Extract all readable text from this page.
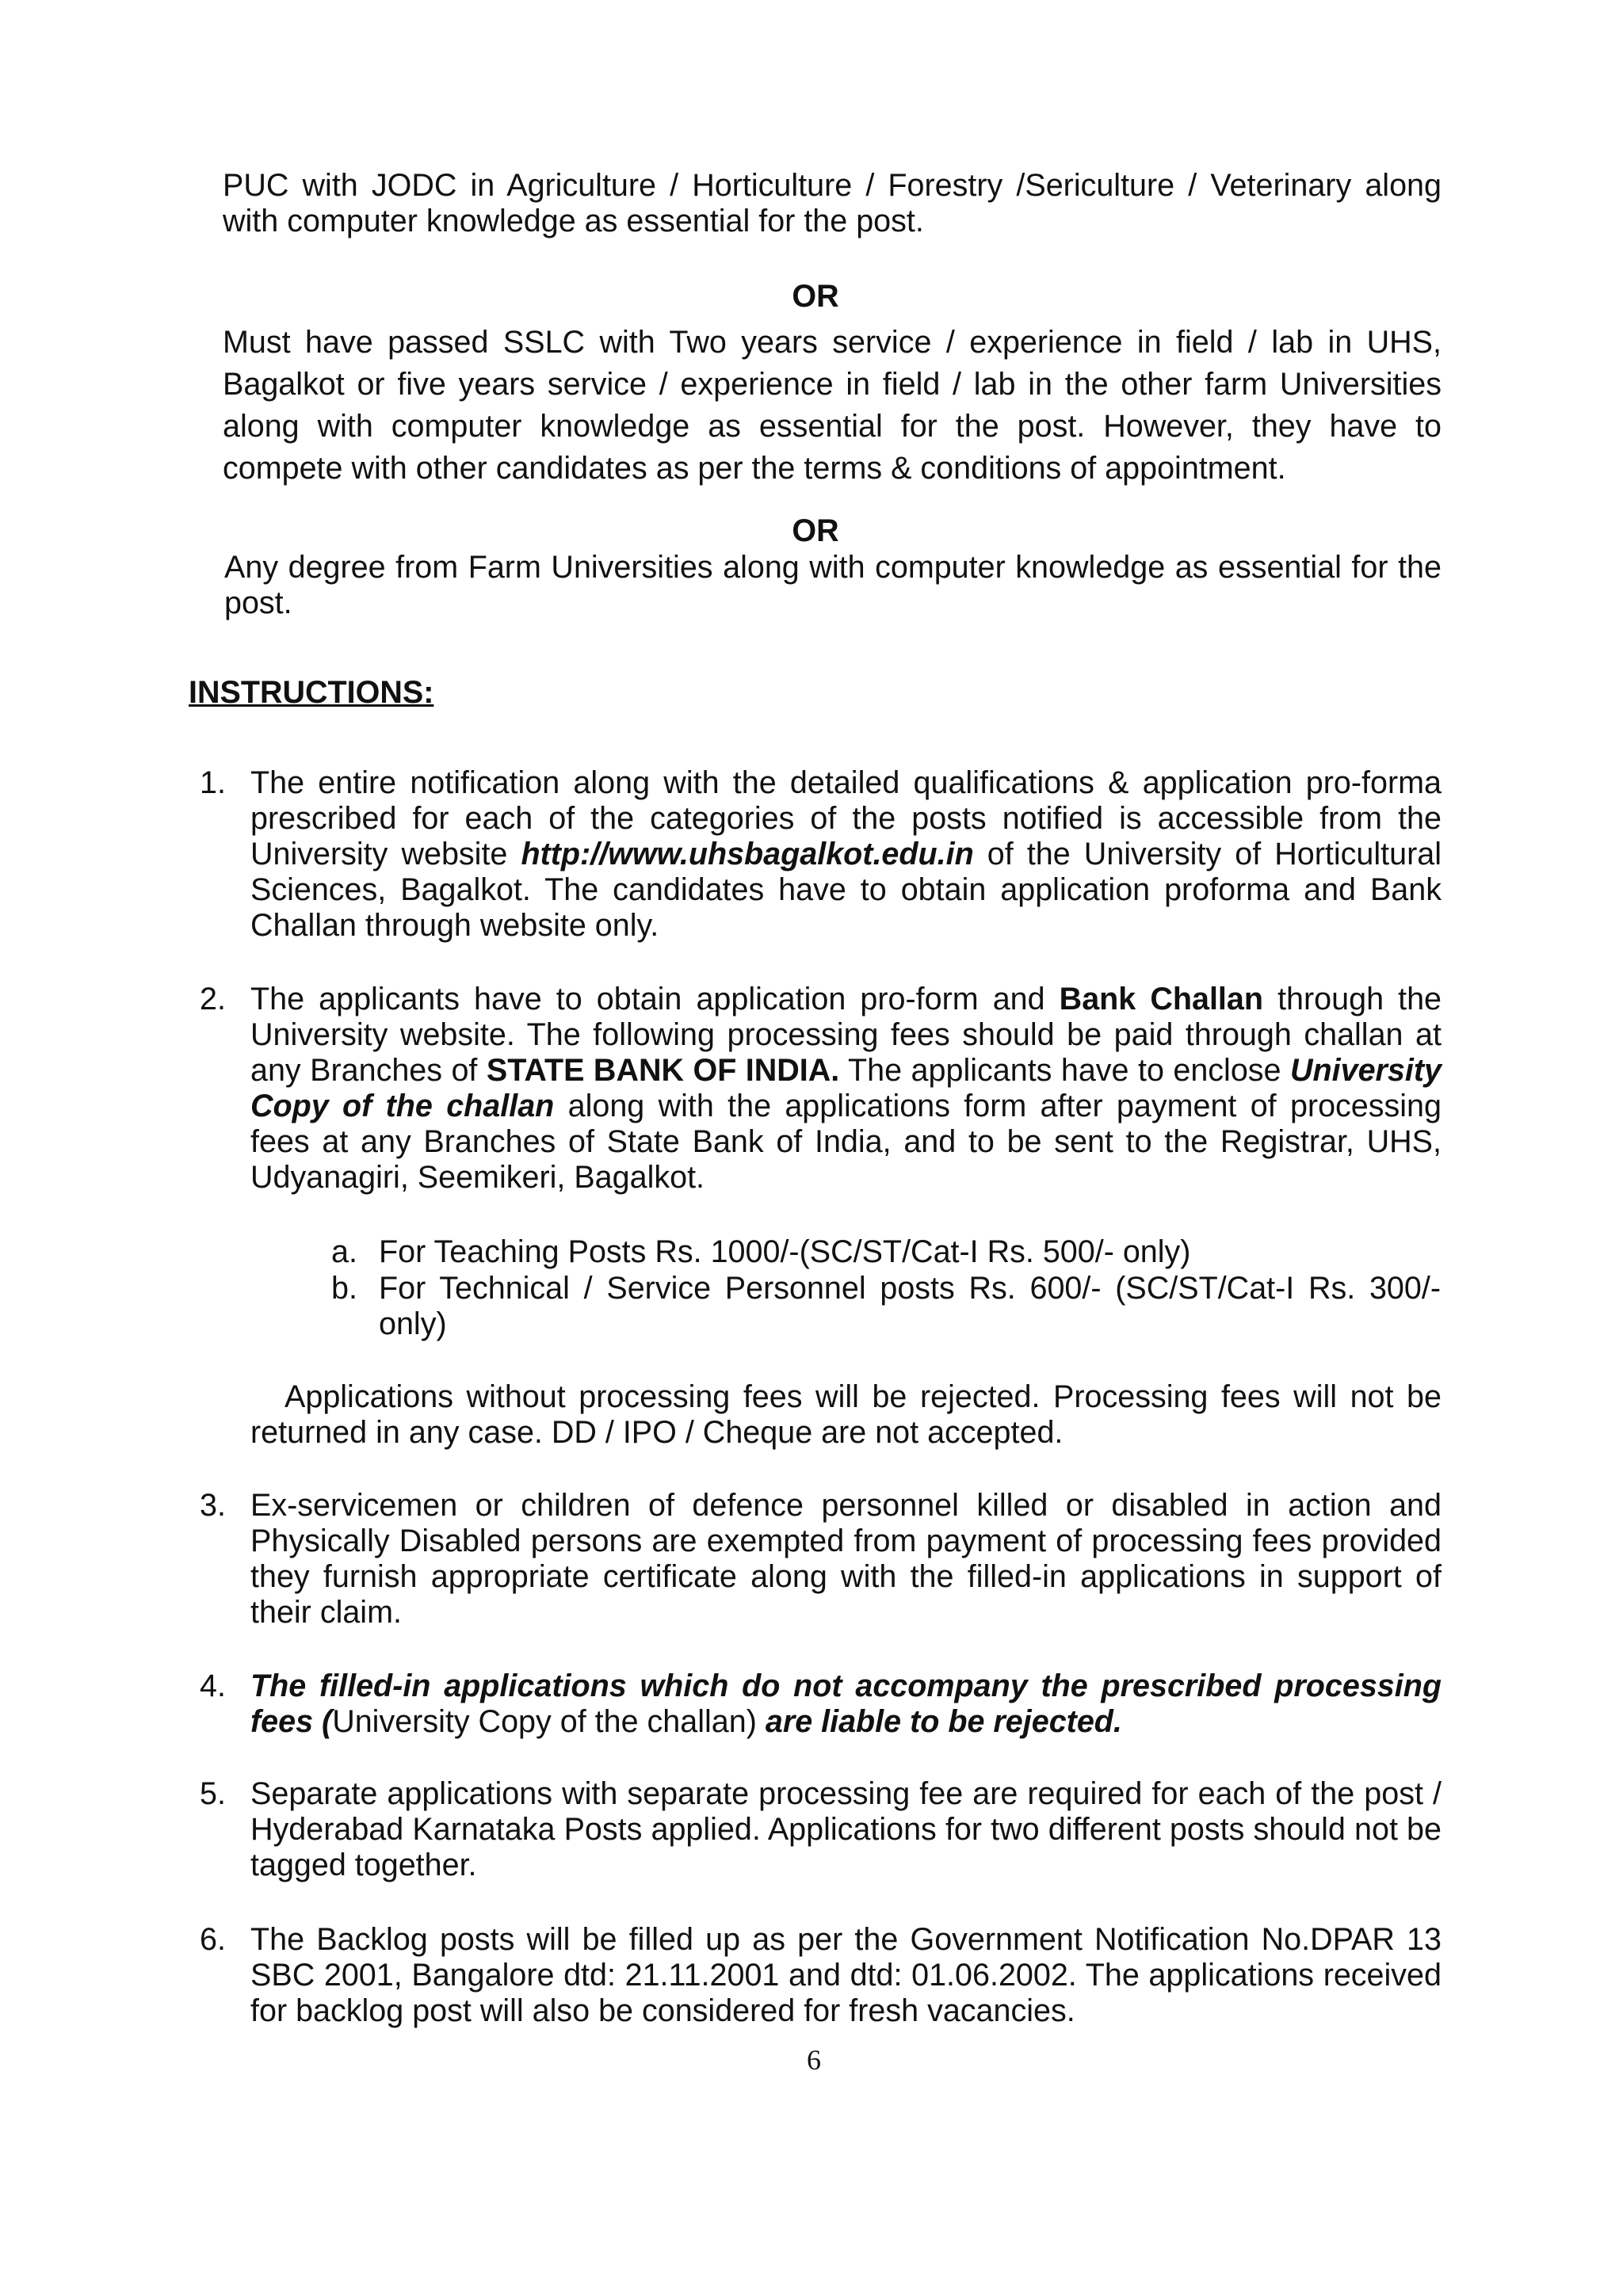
PUC with JODC in Agriculture / Horticulture / Forestry /Sericulture / Veterinary along with computer knowledge as essential for the post.

OR

Must have passed SSLC with Two years service / experience in field / lab in UHS, Bagalkot or five years service / experience in field / lab in the other farm Universities along with computer knowledge as essential for the post. However, they have to compete with other candidates as per the terms & conditions of appointment.

OR

Any degree from Farm Universities along with computer knowledge as essential for the post.

INSTRUCTIONS:
1. The entire notification along with the detailed qualifications & application pro-forma prescribed for each of the categories of the posts notified is accessible from the University website http://www.uhsbagalkot.edu.in of the University of Horticultural Sciences, Bagalkot. The candidates have to obtain application proforma and Bank Challan through website only.

2. The applicants have to obtain application pro-form and Bank Challan through the University website. The following processing fees should be paid through challan at any Branches of STATE BANK OF INDIA. The applicants have to enclose University Copy of the challan along with the applications form after payment of processing fees at any Branches of State Bank of India, and to be sent to the Registrar, UHS, Udyanagiri, Seemikeri, Bagalkot.

a. For Teaching Posts Rs. 1000/-(SC/ST/Cat-I Rs. 500/- only)

b. For Technical / Service Personnel posts Rs. 600/- (SC/ST/Cat-I Rs. 300/- only)

Applications without processing fees will be rejected. Processing fees will not be returned in any case. DD / IPO / Cheque are not accepted.

3. Ex-servicemen or children of defence personnel killed or disabled in action and Physically Disabled persons are exempted from payment of processing fees provided they furnish appropriate certificate along with the filled-in applications in support of their claim.

4. The filled-in applications which do not accompany the prescribed processing fees (University Copy of the challan) are liable to be rejected.

5. Separate applications with separate processing fee are required for each of the post / Hyderabad Karnataka Posts applied. Applications for two different posts should not be tagged together.

6. The Backlog posts will be filled up as per the Government Notification No.DPAR 13 SBC 2001, Bangalore dtd: 21.11.2001 and dtd: 01.06.2002. The applications received for backlog post will also be considered for fresh vacancies.

6
